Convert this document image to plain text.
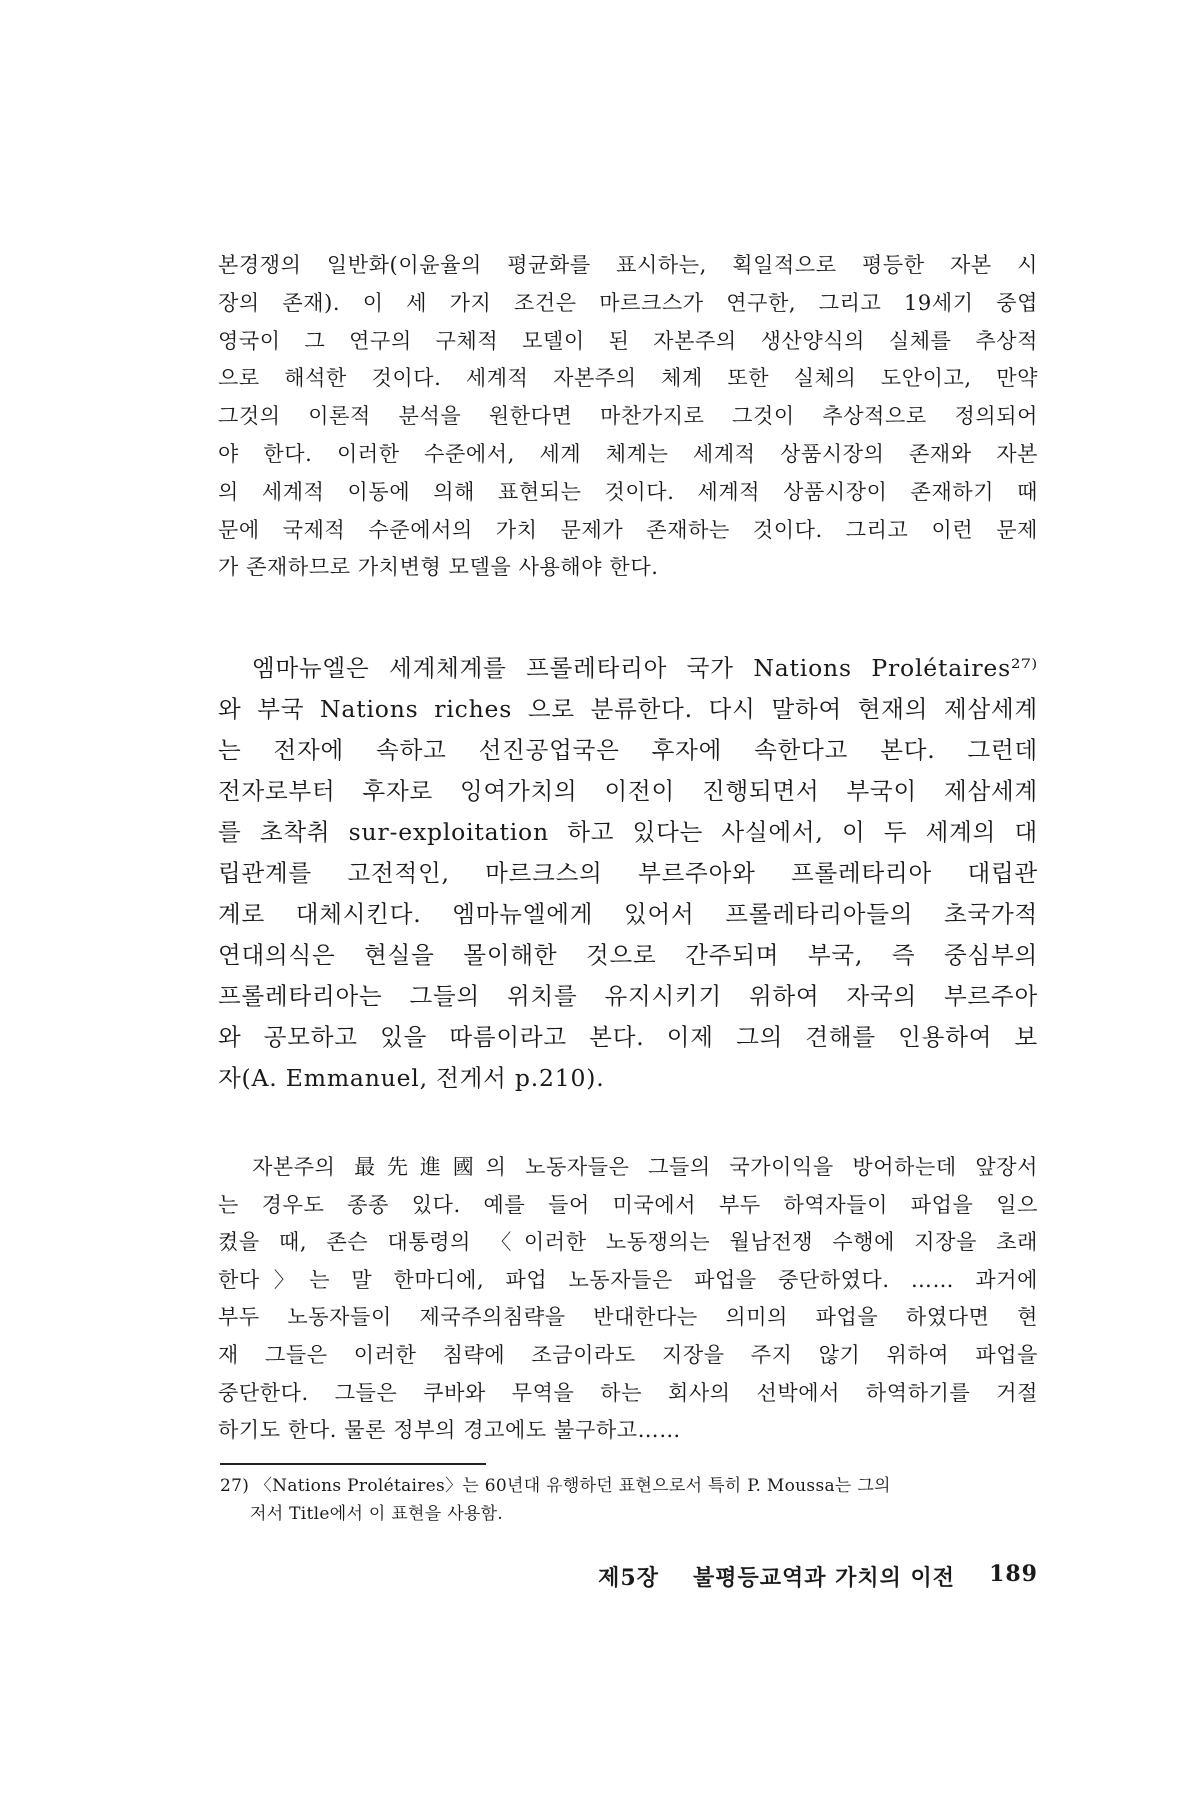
본경쟁의 일반화(이윤율의 평균화를 표시하는, 획일적으로 평등한 자본 시
장의 존재). 이 세 가지 조건은 마르크스가 연구한, 그리고 19세기 중엽
영국이 그 연구의 구체적 모델이 된 자본주의 생산양식의 실체를 추상적
으로 해석한 것이다. 세계적 자본주의 체계 또한 실체의 도안이고, 만약
그것의 이론적 분석을 원한다면 마찬가지로 그것이 추상적으로 정의되어
야 한다. 이러한 수준에서, 세계 체계는 세계적 상품시장의 존재와 자본
의 세계적 이동에 의해 표현되는 것이다. 세계적 상품시장이 존재하기 때
문에 국제적 수준에서의 가치 문제가 존재하는 것이다. 그리고 이런 문제
가 존재하므로 가치변형 모델을 사용해야 한다.
엠마뉴엘은 세계체계를 프롤레타리아 국가 Nations Prolétaires²⁷⁾
와 부국 Nations riches 으로 분류한다. 다시 말하여 현재의 제삼세계
는 전자에 속하고 선진공업국은 후자에 속한다고 본다. 그런데
전자로부터 후자로 잉여가치의 이전이 진행되면서 부국이 제삼세계
를 초착취 sur-exploitation 하고 있다는 사실에서, 이 두 세계의 대
립관계를 고전적인, 마르크스의 부르주아와 프롤레타리아 대립관
계로 대체시킨다. 엠마뉴엘에게 있어서 프롤레타리아들의 초국가적
연대의식은 현실을 몰이해한 것으로 간주되며 부국, 즉 중심부의
프롤레타리아는 그들의 위치를 유지시키기 위하여 자국의 부르주아
와 공모하고 있을 따름이라고 본다. 이제 그의 견해를 인용하여 보
자(A. Emmanuel, 전게서 p.210).
자본주의 最先進國의 노동자들은 그들의 국가이익을 방어하는데 앞장서
는 경우도 종종 있다. 예를 들어 미국에서 부두 하역자들이 파업을 일으
켰을 때, 존슨 대통령의 〈이러한 노동쟁의는 월남전쟁 수행에 지장을 초래
한다〉는 말 한마디에, 파업 노동자들은 파업을 중단하였다. …… 과거에
부두 노동자들이 제국주의침략을 반대한다는 의미의 파업을 하였다면 현
재 그들은 이러한 침략에 조금이라도 지장을 주지 않기 위하여 파업을
중단한다. 그들은 쿠바와 무역을 하는 회사의 선박에서 하역하기를 거절
하기도 한다. 물론 정부의 경고에도 불구하고……
27) 〈Nations Prolétaires〉는 60년대 유행하던 표현으로서 특히 P. Moussa는 그의
저서 Title에서 이 표현을 사용함.
제5장 불평등교역과 가치의 이전 189
